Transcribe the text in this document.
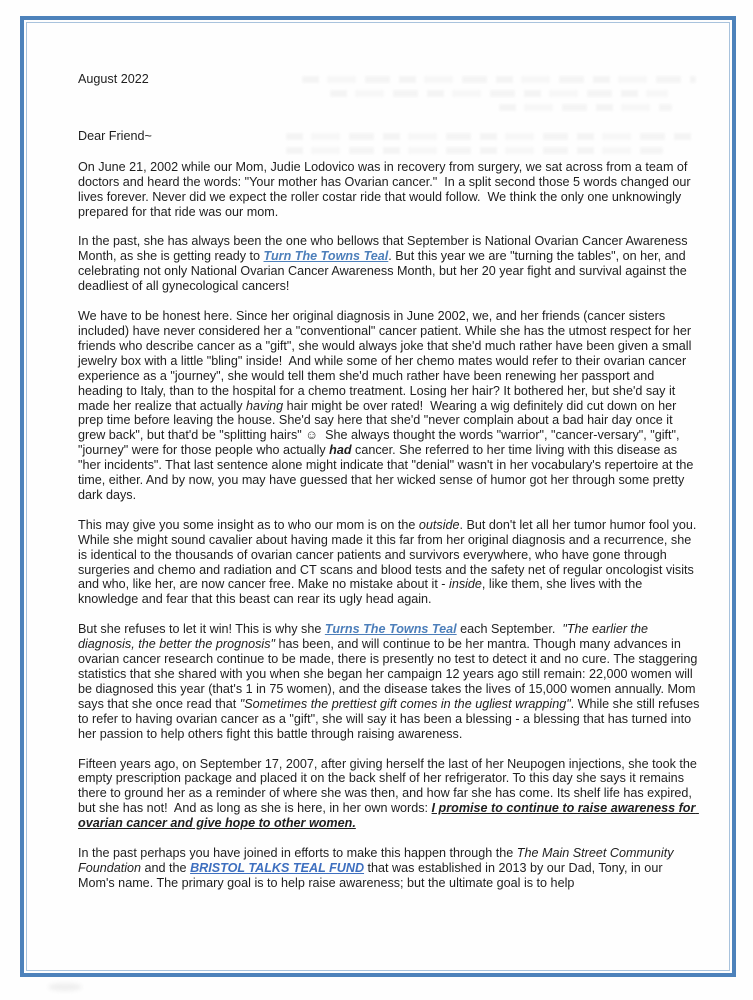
August 2022

Dear Friend~

On June 21, 2002 while our Mom, Judie Lodovico was in recovery from surgery, we sat across from a team of doctors and heard the words: "Your mother has Ovarian cancer."  In a split second those 5 words changed our lives forever. Never did we expect the roller costar ride that would follow.  We think the only one unknowingly prepared for that ride was our mom.

In the past, she has always been the one who bellows that September is National Ovarian Cancer Awareness Month, as she is getting ready to Turn The Towns Teal. But this year we are "turning the tables", on her, and celebrating not only National Ovarian Cancer Awareness Month, but her 20 year fight and survival against the deadliest of all gynecological cancers!

We have to be honest here. Since her original diagnosis in June 2002, we, and her friends (cancer sisters included) have never considered her a "conventional" cancer patient. While she has the utmost respect for her friends who describe cancer as a "gift", she would always joke that she'd much rather have been given a small jewelry box with a little "bling" inside!  And while some of her chemo mates would refer to their ovarian cancer experience as a "journey", she would tell them she'd much rather have been renewing her passport and heading to Italy, than to the hospital for a chemo treatment. Losing her hair? It bothered her, but she'd say it made her realize that actually having hair might be over rated!  Wearing a wig definitely did cut down on her prep time before leaving the house. She'd say here that she'd "never complain about a bad hair day once it grew back", but that'd be "splitting hairs" ☺  She always thought the words "warrior", "cancer-versary", "gift", "journey" were for those people who actually had cancer. She referred to her time living with this disease as "her incidents". That last sentence alone might indicate that "denial" wasn't in her vocabulary's repertoire at the time, either. And by now, you may have guessed that her wicked sense of humor got her through some pretty dark days.

This may give you some insight as to who our mom is on the outside. But don't let all her tumor humor fool you. While she might sound cavalier about having made it this far from her original diagnosis and a recurrence, she is identical to the thousands of ovarian cancer patients and survivors everywhere, who have gone through surgeries and chemo and radiation and CT scans and blood tests and the safety net of regular oncologist visits and who, like her, are now cancer free. Make no mistake about it - inside, like them, she lives with the knowledge and fear that this beast can rear its ugly head again.

But she refuses to let it win! This is why she Turns The Towns Teal each September.  "The earlier the diagnosis, the better the prognosis" has been, and will continue to be her mantra. Though many advances in ovarian cancer research continue to be made, there is presently no test to detect it and no cure. The staggering statistics that she shared with you when she began her campaign 12 years ago still remain: 22,000 women will be diagnosed this year (that's 1 in 75 women), and the disease takes the lives of 15,000 women annually. Mom says that she once read that "Sometimes the prettiest gift comes in the ugliest wrapping". While she still refuses to refer to having ovarian cancer as a "gift", she will say it has been a blessing - a blessing that has turned into her passion to help others fight this battle through raising awareness.

Fifteen years ago, on September 17, 2007, after giving herself the last of her Neupogen injections, she took the empty prescription package and placed it on the back shelf of her refrigerator. To this day she says it remains there to ground her as a reminder of where she was then, and how far she has come. Its shelf life has expired, but she has not!  And as long as she is here, in her own words: I promise to continue to raise awareness for ovarian cancer and give hope to other women.

In the past perhaps you have joined in efforts to make this happen through the The Main Street Community Foundation and the BRISTOL TALKS TEAL FUND that was established in 2013 by our Dad, Tony, in our Mom's name. The primary goal is to help raise awareness; but the ultimate goal is to help
